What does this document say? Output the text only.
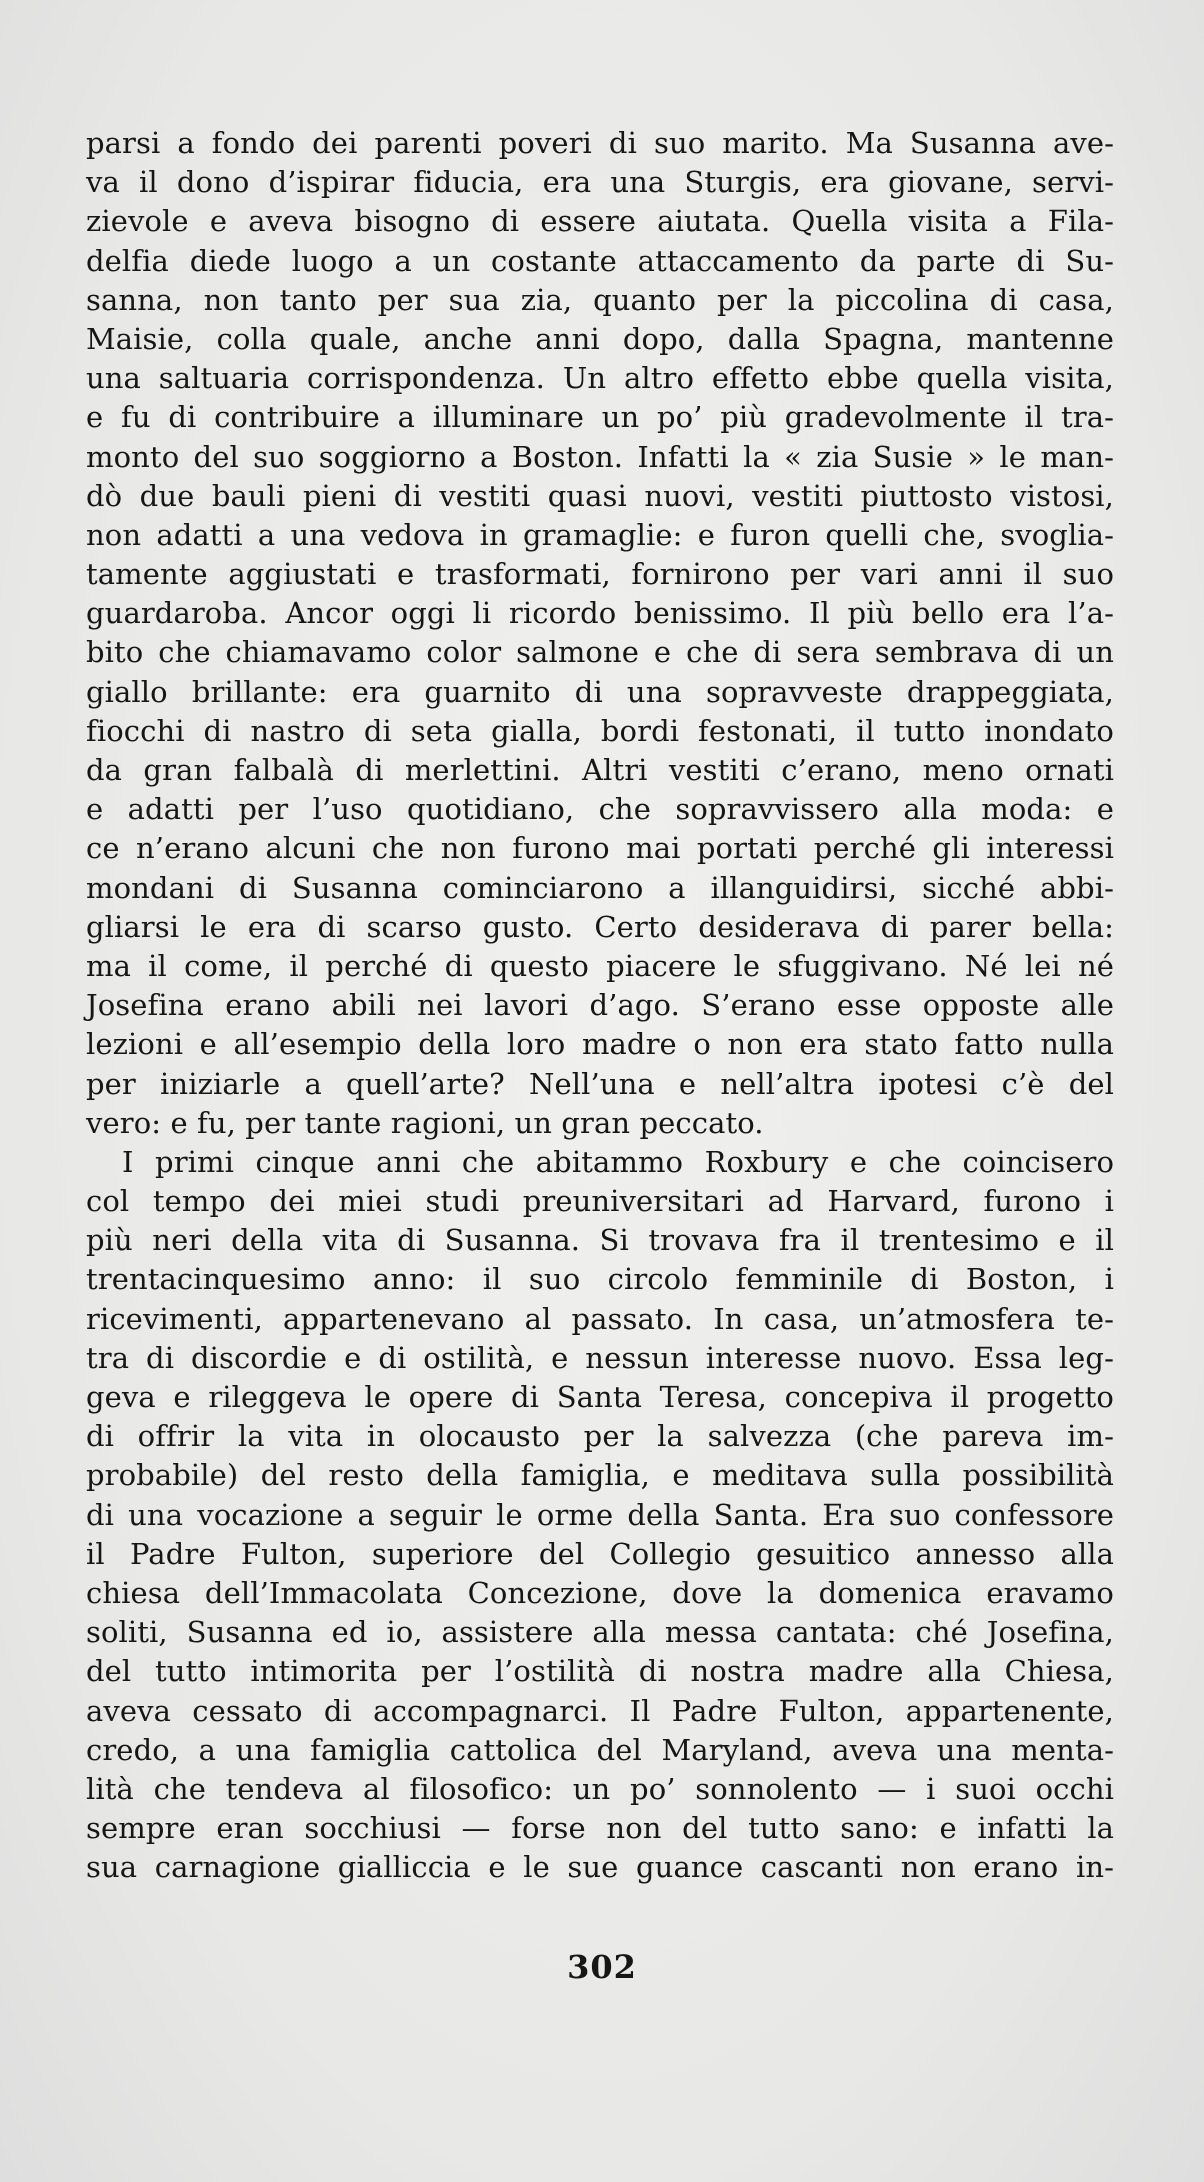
parsi a fondo dei parenti poveri di suo marito. Ma Susanna ave-
va il dono d’ispirar fiducia, era una Sturgis, era giovane, servi-
zievole e aveva bisogno di essere aiutata. Quella visita a Fila-
delfia diede luogo a un costante attaccamento da parte di Su-
sanna, non tanto per sua zia, quanto per la piccolina di casa,
Maisie, colla quale, anche anni dopo, dalla Spagna, mantenne
una saltuaria corrispondenza. Un altro effetto ebbe quella visita,
e fu di contribuire a illuminare un po’ più gradevolmente il tra-
monto del suo soggiorno a Boston. Infatti la « zia Susie » le man-
dò due bauli pieni di vestiti quasi nuovi, vestiti piuttosto vistosi,
non adatti a una vedova in gramaglie: e furon quelli che, svoglia-
tamente aggiustati e trasformati, fornirono per vari anni il suo
guardaroba. Ancor oggi li ricordo benissimo. Il più bello era l’a-
bito che chiamavamo color salmone e che di sera sembrava di un
giallo brillante: era guarnito di una sopravveste drappeggiata,
fiocchi di nastro di seta gialla, bordi festonati, il tutto inondato
da gran falbalà di merlettini. Altri vestiti c’erano, meno ornati
e adatti per l’uso quotidiano, che sopravvissero alla moda: e
ce n’erano alcuni che non furono mai portati perché gli interessi
mondani di Susanna cominciarono a illanguidirsi, sicché abbi-
gliarsi le era di scarso gusto. Certo desiderava di parer bella:
ma il come, il perché di questo piacere le sfuggivano. Né lei né
Josefina erano abili nei lavori d’ago. S’erano esse opposte alle
lezioni e all’esempio della loro madre o non era stato fatto nulla
per iniziarle a quell’arte? Nell’una e nell’altra ipotesi c’è del
vero: e fu, per tante ragioni, un gran peccato.
I primi cinque anni che abitammo Roxbury e che coincisero
col tempo dei miei studi preuniversitari ad Harvard, furono i
più neri della vita di Susanna. Si trovava fra il trentesimo e il
trentacinquesimo anno: il suo circolo femminile di Boston, i
ricevimenti, appartenevano al passato. In casa, un’atmosfera te-
tra di discordie e di ostilità, e nessun interesse nuovo. Essa leg-
geva e rileggeva le opere di Santa Teresa, concepiva il progetto
di offrir la vita in olocausto per la salvezza (che pareva im-
probabile) del resto della famiglia, e meditava sulla possibilità
di una vocazione a seguir le orme della Santa. Era suo confessore
il Padre Fulton, superiore del Collegio gesuitico annesso alla
chiesa dell’Immacolata Concezione, dove la domenica eravamo
soliti, Susanna ed io, assistere alla messa cantata: ché Josefina,
del tutto intimorita per l’ostilità di nostra madre alla Chiesa,
aveva cessato di accompagnarci. Il Padre Fulton, appartenente,
credo, a una famiglia cattolica del Maryland, aveva una menta-
lità che tendeva al filosofico: un po’ sonnolento — i suoi occhi
sempre eran socchiusi — forse non del tutto sano: e infatti la
sua carnagione gialliccia e le sue guance cascanti non erano in-
302
